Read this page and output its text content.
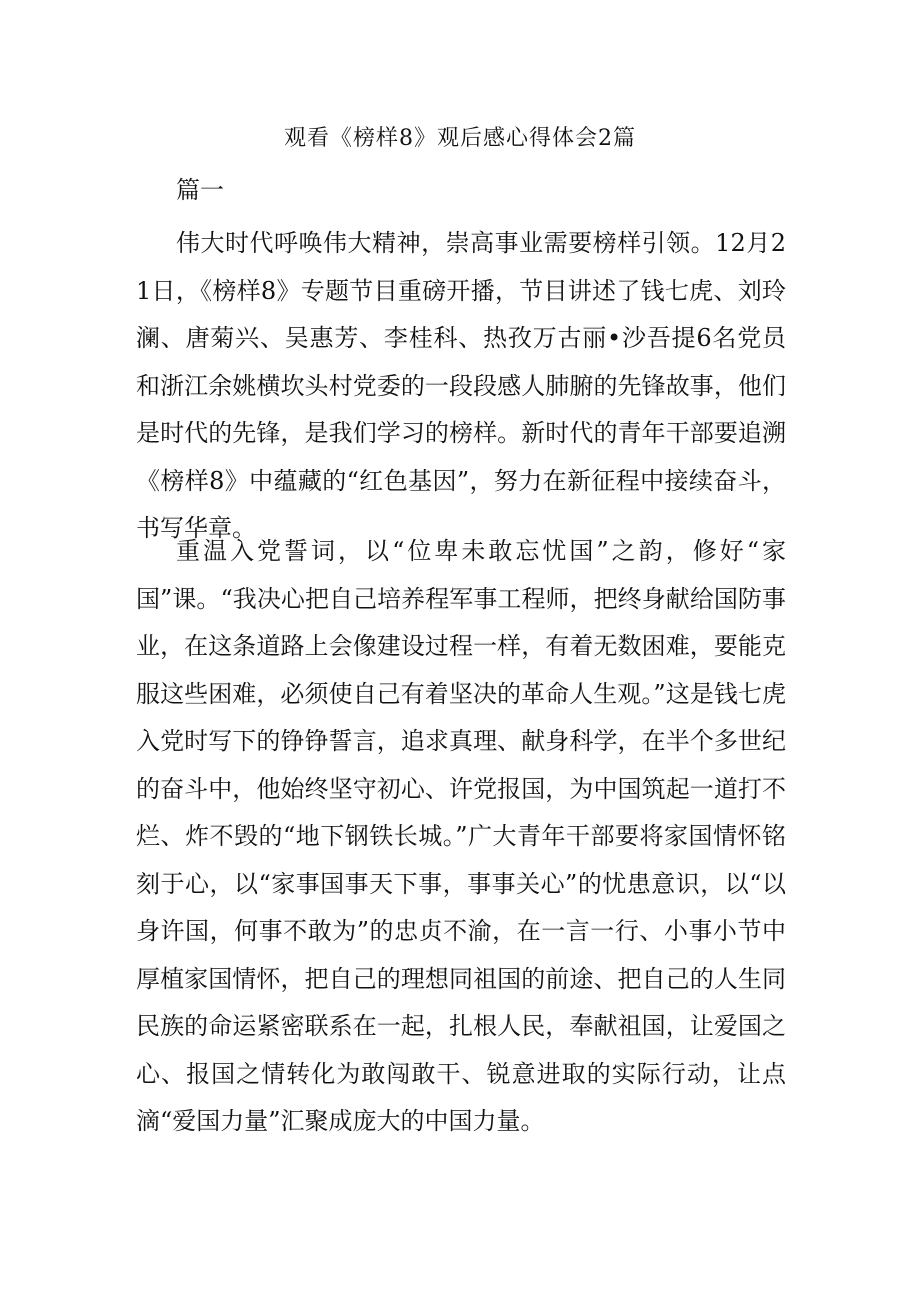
观看《榜样8》观后感心得体会2篇
篇一

伟大时代呼唤伟大精神，崇高事业需要榜样引领。12月21日，《榜样8》专题节目重磅开播，节目讲述了钱七虎、刘玲澜、唐菊兴、吴惠芳、李桂科、热孜万古丽•沙吾提6名党员和浙江余姚横坎头村党委的一段段感人肺腑的先锋故事，他们是时代的先锋，是我们学习的榜样。新时代的青年干部要追溯《榜样8》中蕴藏的“红色基因”，努力在新征程中接续奋斗，书写华章。

重温入党誓词，以“位卑未敢忘忧国”之韵，修好“家国”课。“我决心把自己培养程军事工程师，把终身献给国防事业，在这条道路上会像建设过程一样，有着无数困难，要能克服这些困难，必须使自己有着坚决的革命人生观。”这是钱七虎入党时写下的铮铮誓言，追求真理、献身科学，在半个多世纪的奋斗中，他始终坚守初心、许党报国，为中国筑起一道打不烂、炸不毁的“地下钢铁长城。”广大青年干部要将家国情怀铭刻于心，以“家事国事天下事，事事关心”的忧患意识，以“以身许国，何事不敢为”的忠贞不渝，在一言一行、小事小节中厚植家国情怀，把自己的理想同祖国的前途、把自己的人生同民族的命运紧密联系在一起，扎根人民，奉献祖国，让爱国之心、报国之情转化为敢闯敢干、锐意进取的实际行动，让点滴“爱国力量”汇聚成庞大的中国力量。
